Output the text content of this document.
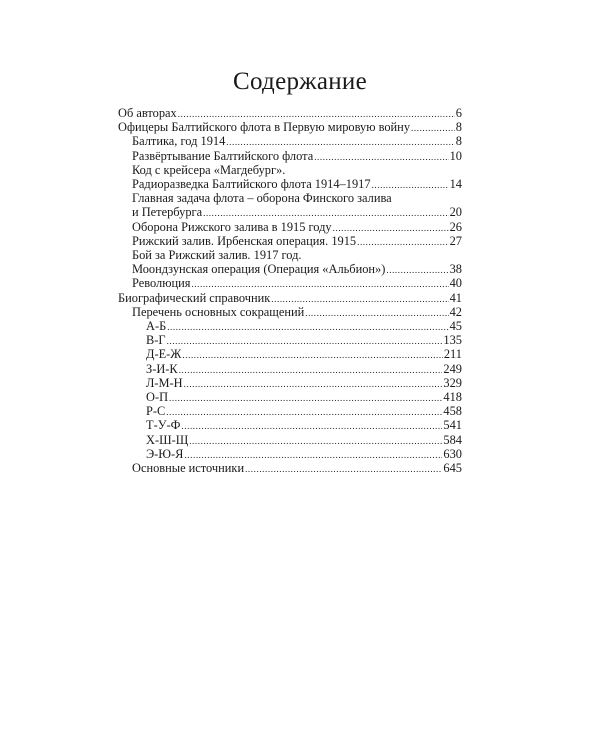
Содержание
Об авторах .....	6
Офицеры Балтийского флота в Первую мировую войну .....	8
Балтика, год 1914 .....	8
Развёртывание Балтийского флота .....	10
Код с крейсера «Магдебург».
Радиоразведка Балтийского флота 1914–1917 .....	14
Главная задача флота – оборона Финского залива
и Петербурга .....	20
Оборона Рижского залива в 1915 году .....	26
Рижский залив. Ирбенская операция. 1915 .....	27
Бой за Рижский залив. 1917 год.
Моондзунская операция (Операция «Альбион») .....	38
Революция .....	40
Биографический справочник .....	41
Перечень основных сокращений .....	42
А-Б .....	45
В-Г .....	135
Д-Е-Ж .....	211
З-И-К .....	249
Л-М-Н .....	329
О-П .....	418
Р-С .....	458
Т-У-Ф .....	541
Х-Ш-Щ .....	584
Э-Ю-Я .....	630
Основные источники .....	645
